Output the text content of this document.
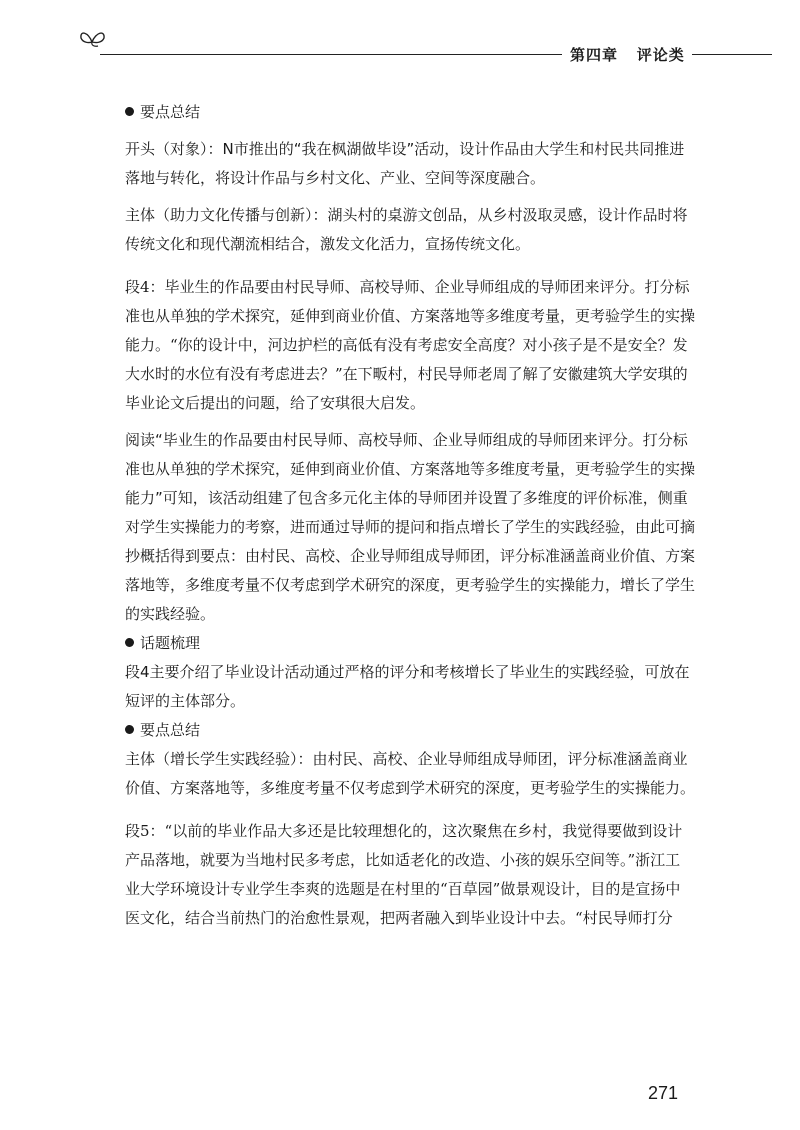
第四章 评论类

要点总结

开头（对象）：N市推出的“我在枫湖做毕设”活动，设计作品由大学生和村民共同推进落地与转化，将设计作品与乡村文化、产业、空间等深度融合。

主体（助力文化传播与创新）：湖头村的桌游文创品，从乡村汲取灵感，设计作品时将传统文化和现代潮流相结合，激发文化活力，宣扬传统文化。

段4：毕业生的作品要由村民导师、高校导师、企业导师组成的导师团来评分。打分标准也从单独的学术探究，延伸到商业价值、方案落地等多维度考量，更考验学生的实操能力。“你的设计中，河边护栏的高低有没有考虑安全高度？对小孩子是不是安全？发大水时的水位有没有考虑进去？”在下畈村，村民导师老周了解了安徽建筑大学安琪的毕业论文后提出的问题，给了安琪很大启发。

阅读“毕业生的作品要由村民导师、高校导师、企业导师组成的导师团来评分。打分标准也从单独的学术探究，延伸到商业价值、方案落地等多维度考量，更考验学生的实操能力”可知，该活动组建了包含多元化主体的导师团并设置了多维度的评价标准，侧重对学生实操能力的考察，进而通过导师的提问和指点增长了学生的实践经验，由此可摘抄概括得到要点：由村民、高校、企业导师组成导师团，评分标准涵盖商业价值、方案落地等，多维度考量不仅考虑到学术研究的深度，更考验学生的实操能力，增长了学生的实践经验。

话题梳理

段4主要介绍了毕业设计活动通过严格的评分和考核增长了毕业生的实践经验，可放在短评的主体部分。

要点总结

主体（增长学生实践经验）：由村民、高校、企业导师组成导师团，评分标准涵盖商业价值、方案落地等，多维度考量不仅考虑到学术研究的深度，更考验学生的实操能力。

段5：“以前的毕业作品大多还是比较理想化的，这次聚焦在乡村，我觉得要做到设计产品落地，就要为当地村民多考虑，比如适老化的改造、小孩的娱乐空间等。”浙江工业大学环境设计专业学生李爽的选题是在村里的“百草园”做景观设计，目的是宣扬中医文化，结合当前热门的治愈性景观，把两者融入到毕业设计中去。“村民导师打分

271
